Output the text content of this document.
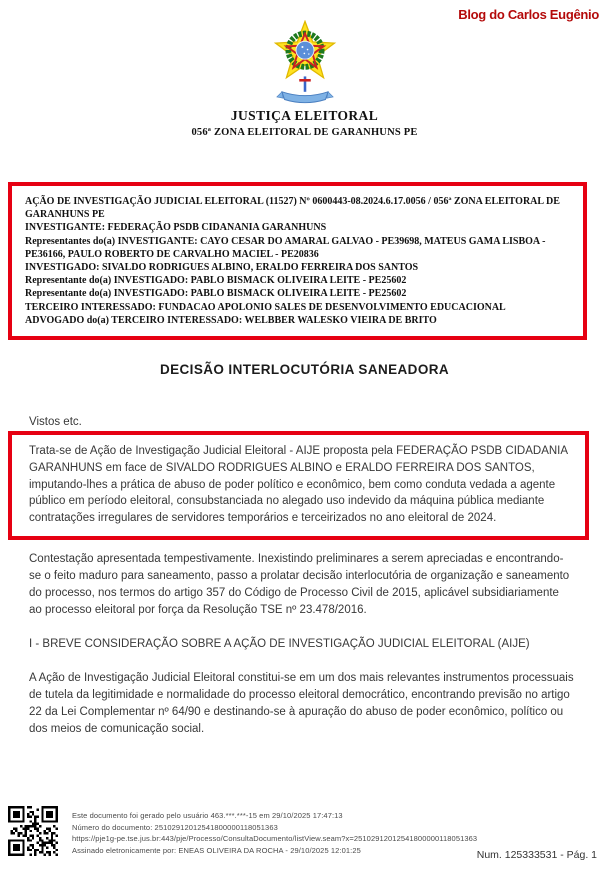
Blog do Carlos Eugênio
JUSTIÇA ELEITORAL
056ª ZONA ELEITORAL DE GARANHUNS PE
AÇÃO DE INVESTIGAÇÃO JUDICIAL ELEITORAL (11527) Nº 0600443-08.2024.6.17.0056 / 056ª ZONA ELEITORAL DE GARANHUNS PE
INVESTIGANTE: FEDERAÇÃO PSDB CIDANANIA GARANHUNS
Representantes do(a) INVESTIGANTE: CAYO CESAR DO AMARAL GALVAO - PE39698, MATEUS GAMA LISBOA - PE36166, PAULO ROBERTO DE CARVALHO MACIEL - PE20836
INVESTIGADO: SIVALDO RODRIGUES ALBINO, ERALDO FERREIRA DOS SANTOS
Representante do(a) INVESTIGADO: PABLO BISMACK OLIVEIRA LEITE - PE25602
Representante do(a) INVESTIGADO: PABLO BISMACK OLIVEIRA LEITE - PE25602
TERCEIRO INTERESSADO: FUNDACAO APOLONIO SALES DE DESENVOLVIMENTO EDUCACIONAL
ADVOGADO do(a) TERCEIRO INTERESSADO: WELBBER WALESKO VIEIRA DE BRITO
DECISÃO INTERLOCUTÓRIA SANEADORA
Vistos etc.
Trata-se de Ação de Investigação Judicial Eleitoral - AIJE proposta pela FEDERAÇÃO PSDB CIDADANIA GARANHUNS em face de SIVALDO RODRIGUES ALBINO e ERALDO FERREIRA DOS SANTOS, imputando-lhes a prática de abuso de poder político e econômico, bem como conduta vedada a agente público em período eleitoral, consubstanciada no alegado uso indevido da máquina pública mediante contratações irregulares de servidores temporários e terceirizados no ano eleitoral de 2024.

Contestação apresentada tempestivamente. Inexistindo preliminares a serem apreciadas e encontrando-se o feito maduro para saneamento, passo a prolatar decisão interlocutória de organização e saneamento do processo, nos termos do artigo 357 do Código de Processo Civil de 2015, aplicável subsidiariamente ao processo eleitoral por força da Resolução TSE nº 23.478/2016.

I - BREVE CONSIDERAÇÃO SOBRE A AÇÃO DE INVESTIGAÇÃO JUDICIAL ELEITORAL (AIJE)

A Ação de Investigação Judicial Eleitoral constitui-se em um dos mais relevantes instrumentos processuais de tutela da legitimidade e normalidade do processo eleitoral democrático, encontrando previsão no artigo 22 da Lei Complementar nº 64/90 e destinando-se à apuração do abuso de poder econômico, político ou dos meios de comunicação social.

Este documento foi gerado pelo usuário 463.***.***-15 em 29/10/2025 17:47:13
Número do documento: 25102912012541800000118051363
https://pje1g-pe.tse.jus.br:443/pje/Processo/ConsultaDocumento/listView.seam?x=25102912012541800000118051363
Assinado eletronicamente por: ENEAS OLIVEIRA DA ROCHA - 29/10/2025 12:01:25	Num. 125333531 - Pág. 1
